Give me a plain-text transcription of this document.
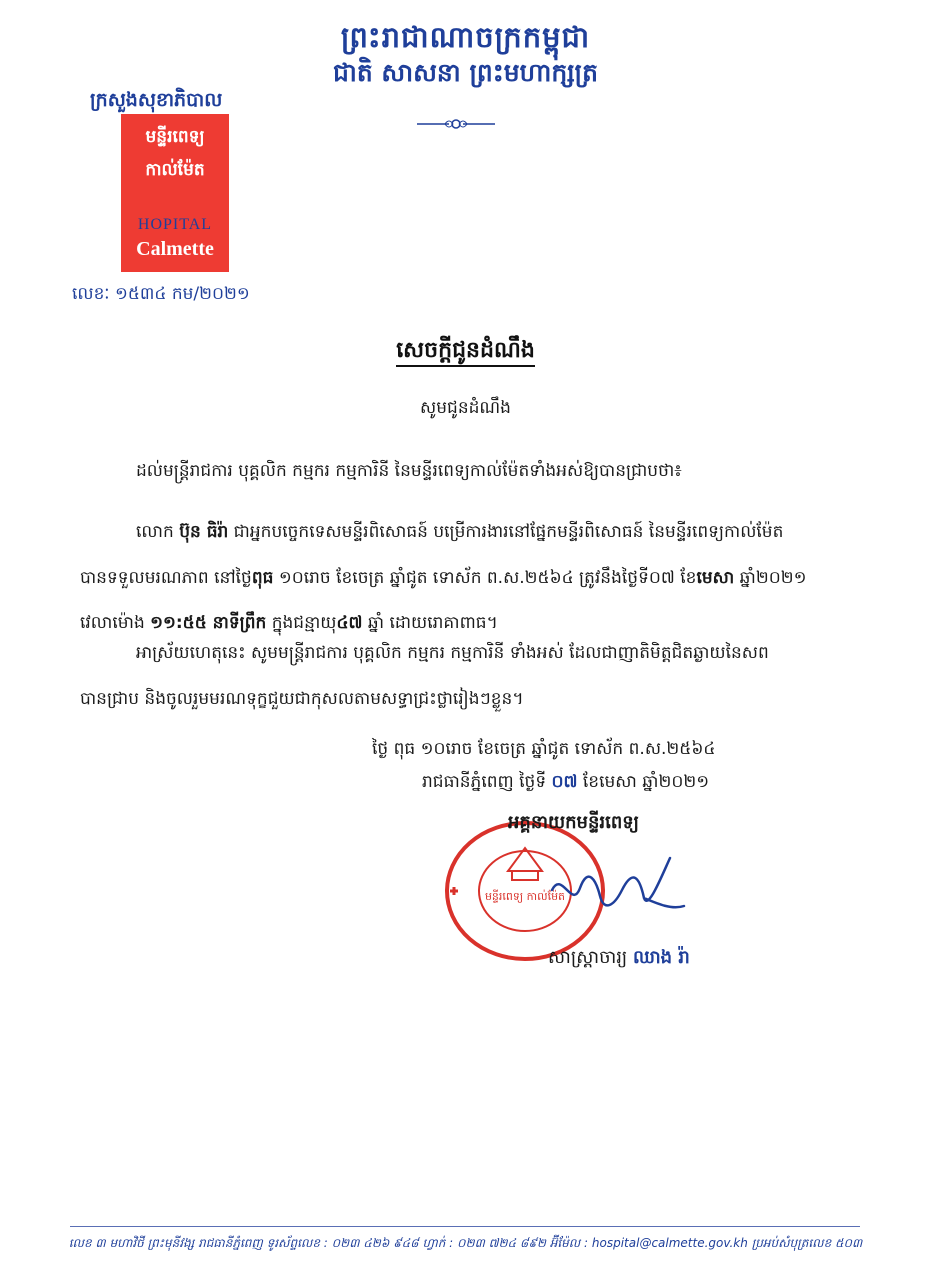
ព្រះរាជាណាចក្រកម្ពុជា
ជាតិ សាសនា ព្រះមហាក្សត្រ
ក្រសួងសុខាភិបាល
មន្ទីរពេទ្យ
កាល់ម៉ែត
HOPITAL
Calmette
លេខៈ ១៥៣៤ កម/២០២១
សេចក្ដីជូនដំណឹង
សូមជូនដំណឹង
ដល់មន្ត្រីរាជការ បុគ្គលិក កម្មករ កម្មការិនី នៃមន្ទីរពេទ្យកាល់ម៉ែតទាំងអស់ឱ្យបានជ្រាបថា៖
លោក ប៊ុន ធិរ៉ា ជាអ្នកបច្ចេកទេសមន្ទីរពិសោធន៍ បម្រើការងារនៅផ្នែកមន្ទីរពិសោធន៍ នៃមន្ទីរពេទ្យកាល់ម៉ែត
បានទទួលមរណភាព នៅថ្ងៃពុធ ១០រោច ខែចេត្រ ឆ្នាំជូត ទោស័ក ព.ស.២៥៦៤ ត្រូវនឹងថ្ងៃទី០៧ ខែមេសា ឆ្នាំ២០២១
វេលាម៉ោង ១១:៥៥ នាទីព្រឹក ក្នុងជន្មាយុ៤៧ ឆ្នាំ ដោយរោគាពាធ។
អាស្រ័យហេតុនេះ សូមមន្ត្រីរាជការ បុគ្គលិក កម្មករ កម្មការិនី ទាំងអស់ ដែលជាញាតិមិត្តជិតឆ្ងាយនៃសព
បានជ្រាប និងចូលរួមមរណទុក្ខជួយជាកុសលតាមសទ្ធាជ្រះថ្លារៀងៗខ្លួន។
ថ្ងៃ ពុធ ១០រោច ខែចេត្រ ឆ្នាំជូត ទោស័ក ព.ស.២៥៦៤
រាជធានីភ្នំពេញ ថ្ងៃទី ០៧ ខែមេសា ឆ្នាំ២០២១
មន្ទីរពេទ្យ កាល់ម៉ែត
អគ្គនាយកមន្ទីរពេទ្យ
សាស្ត្រាចារ្យ ឈាង រ៉ា
លេខ ៣ មហាវិថី ព្រះមុនីវង្ស រាជធានីភ្នំពេញ ទូរស័ព្ទលេខ : ០២៣ ៤២៦ ៩៤៨ ហ្វាក់ : ០២៣ ៧២៤ ៨៩២ អ៊ីម៉ែល : hospital@calmette.gov.kh ប្រអប់សំបុត្រលេខ ៥០៣
